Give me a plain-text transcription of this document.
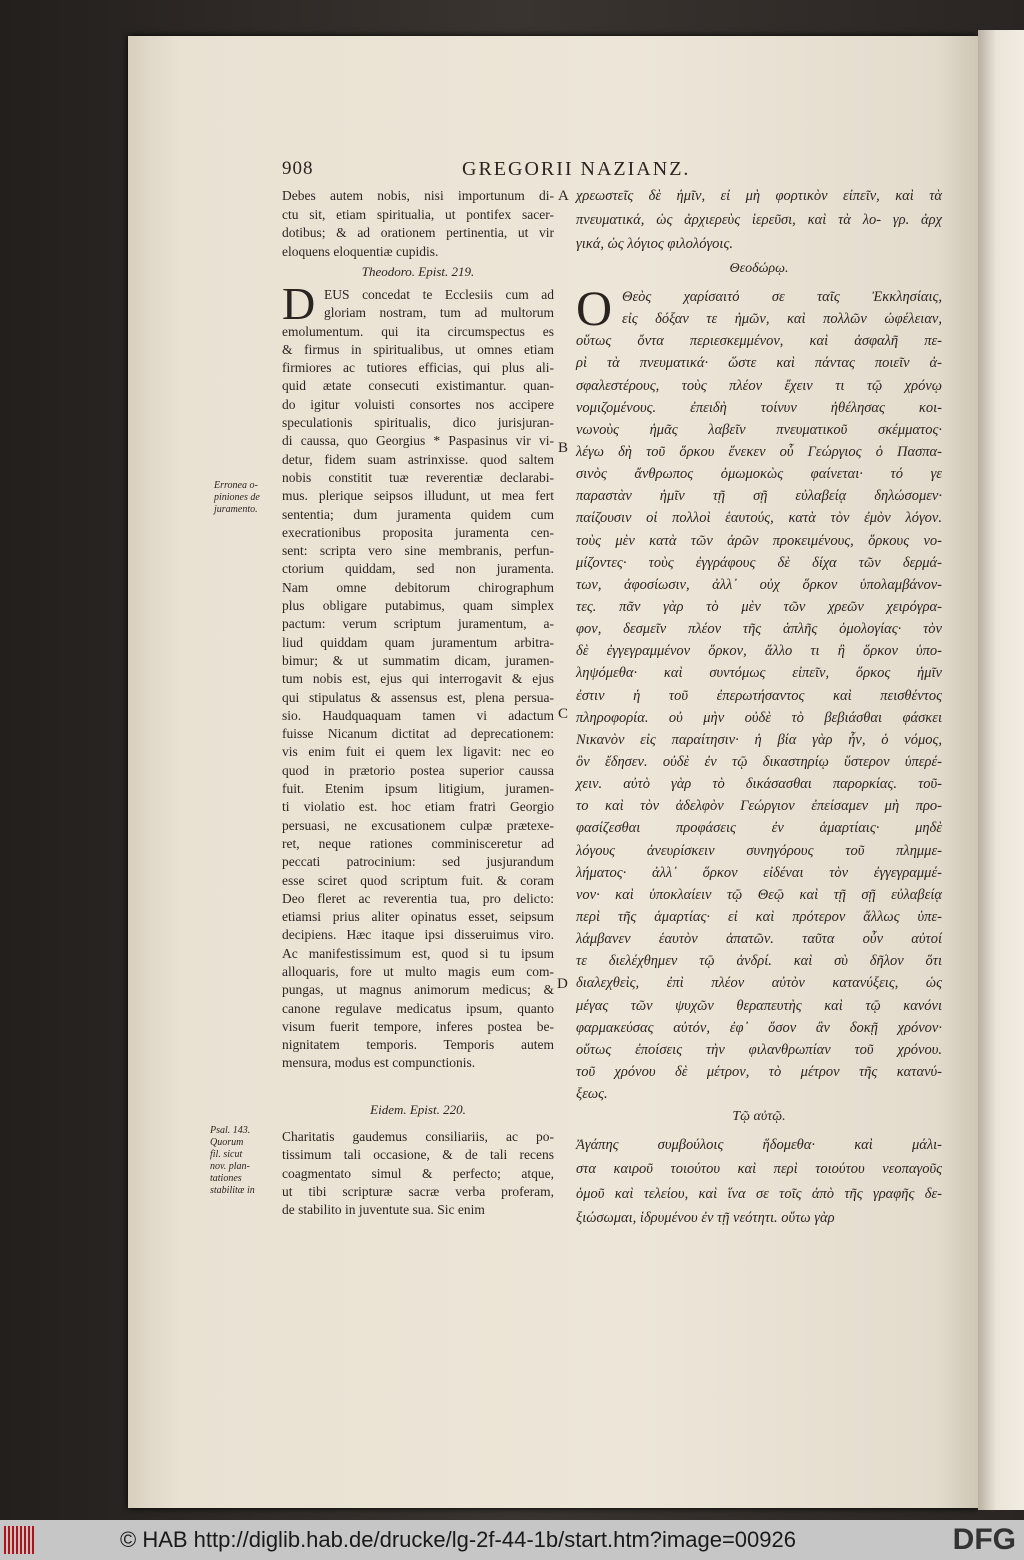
908	GREGORII NAZIANZ.
Debes autem nobis, nisi importunum di-
ctu sit, etiam spiritualia, ut pontifex sacer-
dotibus; & ad orationem pertinentia, ut vir
eloquens eloquentiæ cupidis.
Theodoro. Epist. 219.
D EUS concedat te Ecclesiis cum ad
gloriam nostram, tum ad multorum
emolumentum. qui ita circumspectus es
& firmus in spiritualibus, ut omnes etiam
firmiores ac tutiores efficias, qui plus ali-
quid ætate consecuti existimantur. quan-
do igitur voluisti consortes nos accipere
speculationis spiritualis, dico jurisjuran-
di caussa, quo Georgius * Paspasinus vir vi-
detur, fidem suam astrinxisse. quod saltem
nobis constitit tuæ reverentiæ declarabi-
mus. plerique seipsos illudunt, ut mea fert
sententia; dum juramenta quidem cum
execrationibus proposita juramenta cen-
sent: scripta vero sine membranis, perfun-
ctorium quiddam, sed non juramenta.
Nam omne debitorum chirographum
plus obligare putabimus, quam simplex
pactum: verum scriptum juramentum, a-
liud quiddam quam juramentum arbitra-
bimur; & ut summatim dicam, juramen-
tum nobis est, ejus qui interrogavit & ejus
qui stipulatus & assensus est, plena persua-
sio. Haudquaquam tamen vi adactum
fuisse Nicanum dictitat ad deprecationem:
vis enim fuit ei quem lex ligavit: nec eo
quod in prætorio postea superior caussa
fuit. Etenim ipsum litigium, juramen-
ti violatio est. hoc etiam fratri Georgio
persuasi, ne excusationem culpæ prætexe-
ret, neque rationes comminisceretur ad
peccati patrocinium: sed jusjurandum
esse sciret quod scriptum fuit. & coram
Deo fleret ac reverentia tua, pro delicto:
etiamsi prius aliter opinatus esset, seipsum
decipiens. Hæc itaque ipsi disseruimus viro.
Ac manifestissimum est, quod si tu ipsum
alloquaris, fore ut multo magis eum com-
pungas, ut magnus animorum medicus; &
canone regulave medicatus ipsum, quanto
visum fuerit tempore, inferes postea be-
nignitatem temporis. Temporis autem
mensura, modus est compunctionis.
Eidem. Epist. 220.
Charitatis gaudemus consiliariis, ac po-
tissimum tali occasione, & de tali recens
coagmentato simul & perfecto; atque,
ut tibi scripturæ sacræ verba proferam,
de stabilito in juventute sua. Sic enim
Erronea o-
piniones de
juramento.
Psal. 143.
Quorum
fil. sicut
nov. plan-
tationes
stabilitæ in
A
B
C
D
χρεωστεῖς δὲ ἡμῖν, εἰ μὴ φορτικὸν εἰπεῖν, καὶ τὰ
πνευματικά, ὡς ἀρχιερεὺς ἱερεῦσι, καὶ τὰ λο- γρ. ἀρχ
γικά, ὡς λόγιος φιλολόγοις.
Θεοδώρῳ.
Ο Θεὸς χαρίσαιτό σε ταῖς Ἐκκλησίαις,
εἰς δόξαν τε ἡμῶν, καὶ πολλῶν ὠφέλειαν,
οὕτως ὄντα περιεσκεμμένον, καὶ ἀσφαλῆ πε-
ρὶ τὰ πνευματικά· ὥστε καὶ πάντας ποιεῖν ἀ-
σφαλεστέρους, τοὺς πλέον ἔχειν τι τῷ χρόνῳ
νομιζομένους. ἐπειδὴ τοίνυν ἠθέλησας κοι-
νωνοὺς ἡμᾶς λαβεῖν πνευματικοῦ σκέμματος·
λέγω δὴ τοῦ ὅρκου ἕνεκεν οὗ Γεώργιος ὁ Πασπα-
σινὸς ἄνθρωπος ὀμωμοκὼς φαίνεται· τό γε
παραστὰν ἡμῖν τῇ σῇ εὐλαβείᾳ δηλώσομεν·
παίζουσιν οἱ πολλοὶ ἑαυτούς, κατὰ τὸν ἐμὸν λόγον.
τοὺς μὲν κατὰ τῶν ἀρῶν προκειμένους, ὅρκους νο-
μίζοντες· τοὺς ἐγγράφους δὲ δίχα τῶν δερμά-
των, ἀφοσίωσιν, ἀλλ᾽ οὐχ ὅρκον ὑπολαμβάνον-
τες. πᾶν γὰρ τὸ μὲν τῶν χρεῶν χειρόγρα-
φον, δεσμεῖν πλέον τῆς ἁπλῆς ὁμολογίας· τὸν
δὲ ἐγγεγραμμένον ὅρκον, ἄλλο τι ἢ ὅρκον ὑπο-
ληψόμεθα· καὶ συντόμως εἰπεῖν, ὅρκος ἡμῖν
ἐστιν ἡ τοῦ ἐπερωτήσαντος καὶ πεισθέντος
πληροφορία. οὐ μὴν οὐδὲ τὸ βεβιάσθαι φάσκει
Νικανὸν εἰς παραίτησιν· ἡ βία γὰρ ἦν, ὁ νόμος,
ὃν ἔδησεν. οὐδὲ ἐν τῷ δικαστηρίῳ ὕστερον ὑπερέ-
χειν. αὐτὸ γὰρ τὸ δικάσασθαι παρορκίας. τοῦ-
το καὶ τὸν ἀδελφὸν Γεώργιον ἐπείσαμεν μὴ προ-
φασίζεσθαι προφάσεις ἐν ἁμαρτίαις· μηδὲ
λόγους ἀνευρίσκειν συνηγόρους τοῦ πλημμε-
λήματος· ἀλλ᾽ ὅρκον εἰδέναι τὸν ἐγγεγραμμέ-
νον· καὶ ὑποκλαίειν τῷ Θεῷ καὶ τῇ σῇ εὐλαβείᾳ
περὶ τῆς ἁμαρτίας· εἰ καὶ πρότερον ἄλλως ὑπε-
λάμβανεν ἑαυτὸν ἀπατῶν. ταῦτα οὖν αὐτοί
τε διελέχθημεν τῷ ἀνδρί. καὶ σὺ δῆλον ὅτι
διαλεχθεὶς, ἐπὶ πλέον αὐτὸν κατανύξεις, ὡς
μέγας τῶν ψυχῶν θεραπευτὴς καὶ τῷ κανόνι
φαρμακεύσας αὐτόν, ἐφ᾽ ὅσον ἂν δοκῇ χρόνον·
οὕτως ἐποίσεις τὴν φιλανθρωπίαν τοῦ χρόνου.
τοῦ χρόνου δὲ μέτρον, τὸ μέτρον τῆς κατανύ-
ξεως.
Τῷ αὐτῷ.
Ἀγάπης συμβούλοις ἥδομεθα· καὶ μάλι-
στα καιροῦ τοιούτου καὶ περὶ τοιούτου νεοπαγοῦς
ὁμοῦ καὶ τελείου, καὶ ἵνα σε τοῖς ἀπὸ τῆς γραφῆς δε-
ξιώσωμαι, ἱδρυμένου ἐν τῇ νεότητι. οὕτω γὰρ
© HAB http://diglib.hab.de/drucke/lg-2f-44-1b/start.htm?image=00926	DFG
